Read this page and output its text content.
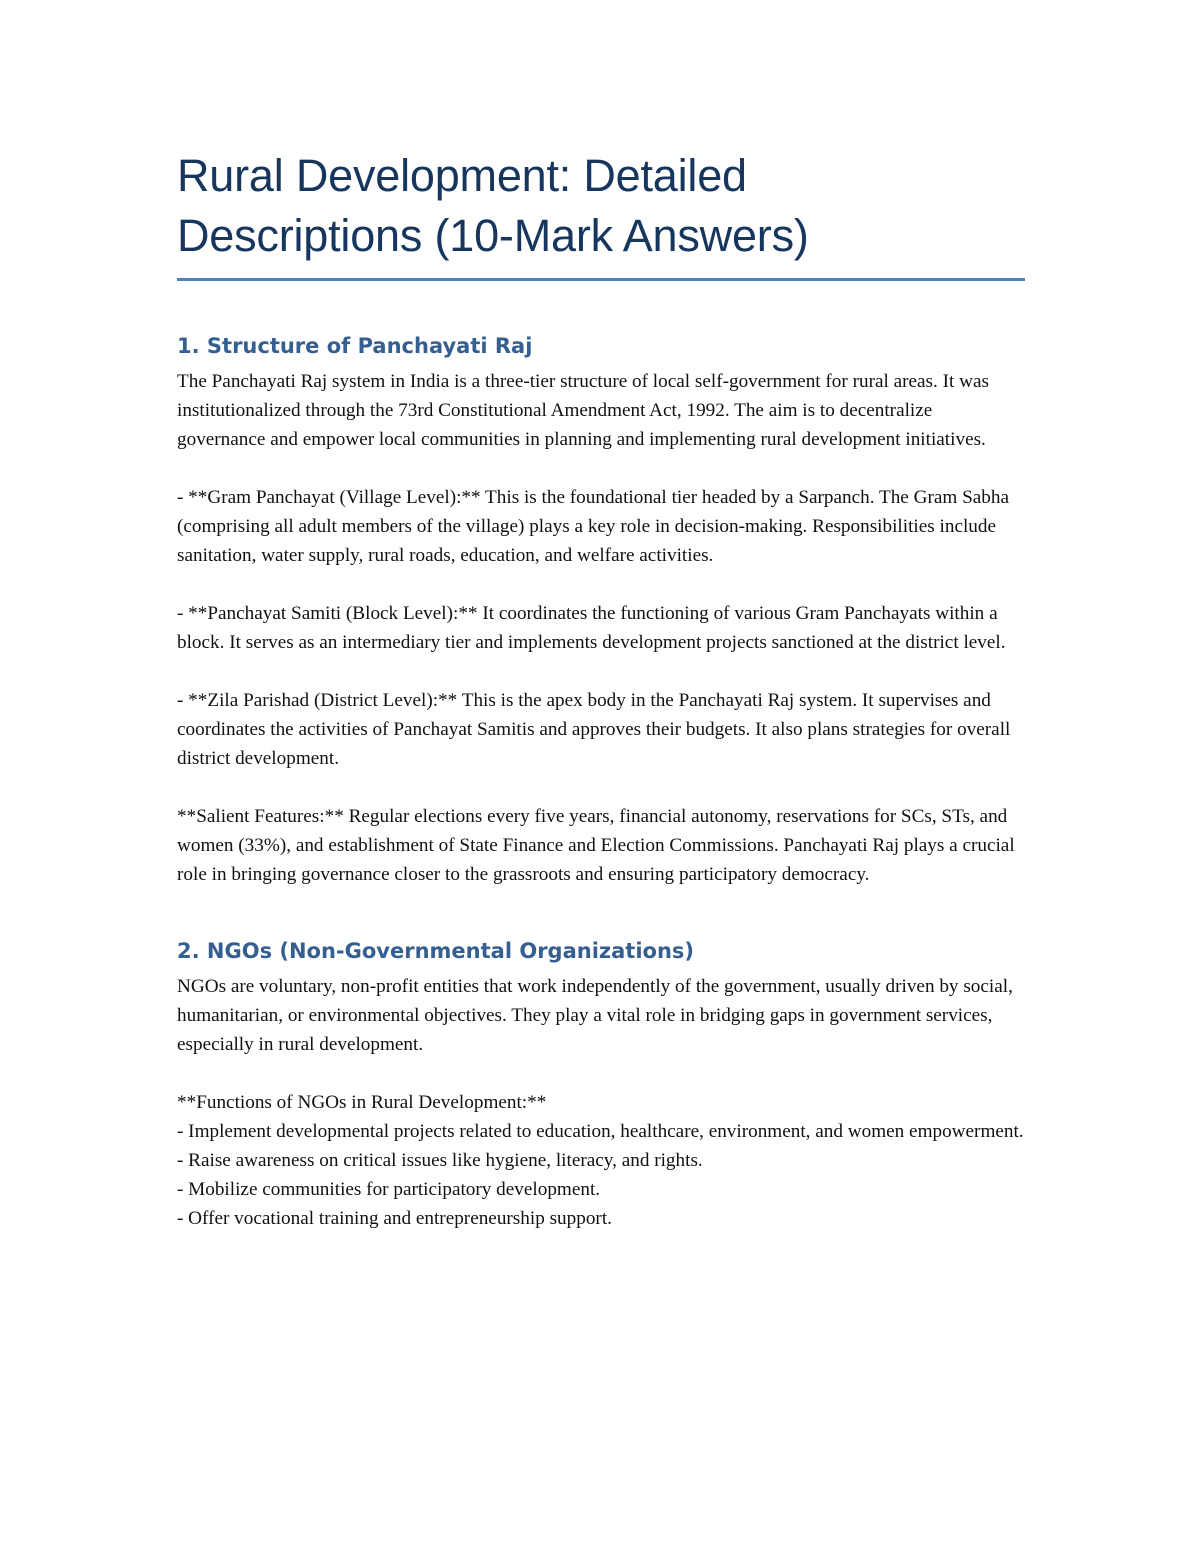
Rural Development: Detailed
Descriptions (10-Mark Answers)
1. Structure of Panchayati Raj

The Panchayati Raj system in India is a three-tier structure of local self-government for rural areas. It was institutionalized through the 73rd Constitutional Amendment Act, 1992. The aim is to decentralize governance and empower local communities in planning and implementing rural development initiatives.

- **Gram Panchayat (Village Level):** This is the foundational tier headed by a Sarpanch. The Gram Sabha (comprising all adult members of the village) plays a key role in decision-making. Responsibilities include sanitation, water supply, rural roads, education, and welfare activities.

- **Panchayat Samiti (Block Level):** It coordinates the functioning of various Gram Panchayats within a block. It serves as an intermediary tier and implements development projects sanctioned at the district level.

- **Zila Parishad (District Level):** This is the apex body in the Panchayati Raj system. It supervises and coordinates the activities of Panchayat Samitis and approves their budgets. It also plans strategies for overall district development.

**Salient Features:** Regular elections every five years, financial autonomy, reservations for SCs, STs, and women (33%), and establishment of State Finance and Election Commissions. Panchayati Raj plays a crucial role in bringing governance closer to the grassroots and ensuring participatory democracy.

2. NGOs (Non-Governmental Organizations)

NGOs are voluntary, non-profit entities that work independently of the government, usually driven by social, humanitarian, or environmental objectives. They play a vital role in bridging gaps in government services, especially in rural development.

**Functions of NGOs in Rural Development:**

- Implement developmental projects related to education, healthcare, environment, and women empowerment.

- Raise awareness on critical issues like hygiene, literacy, and rights.

- Mobilize communities for participatory development.

- Offer vocational training and entrepreneurship support.
